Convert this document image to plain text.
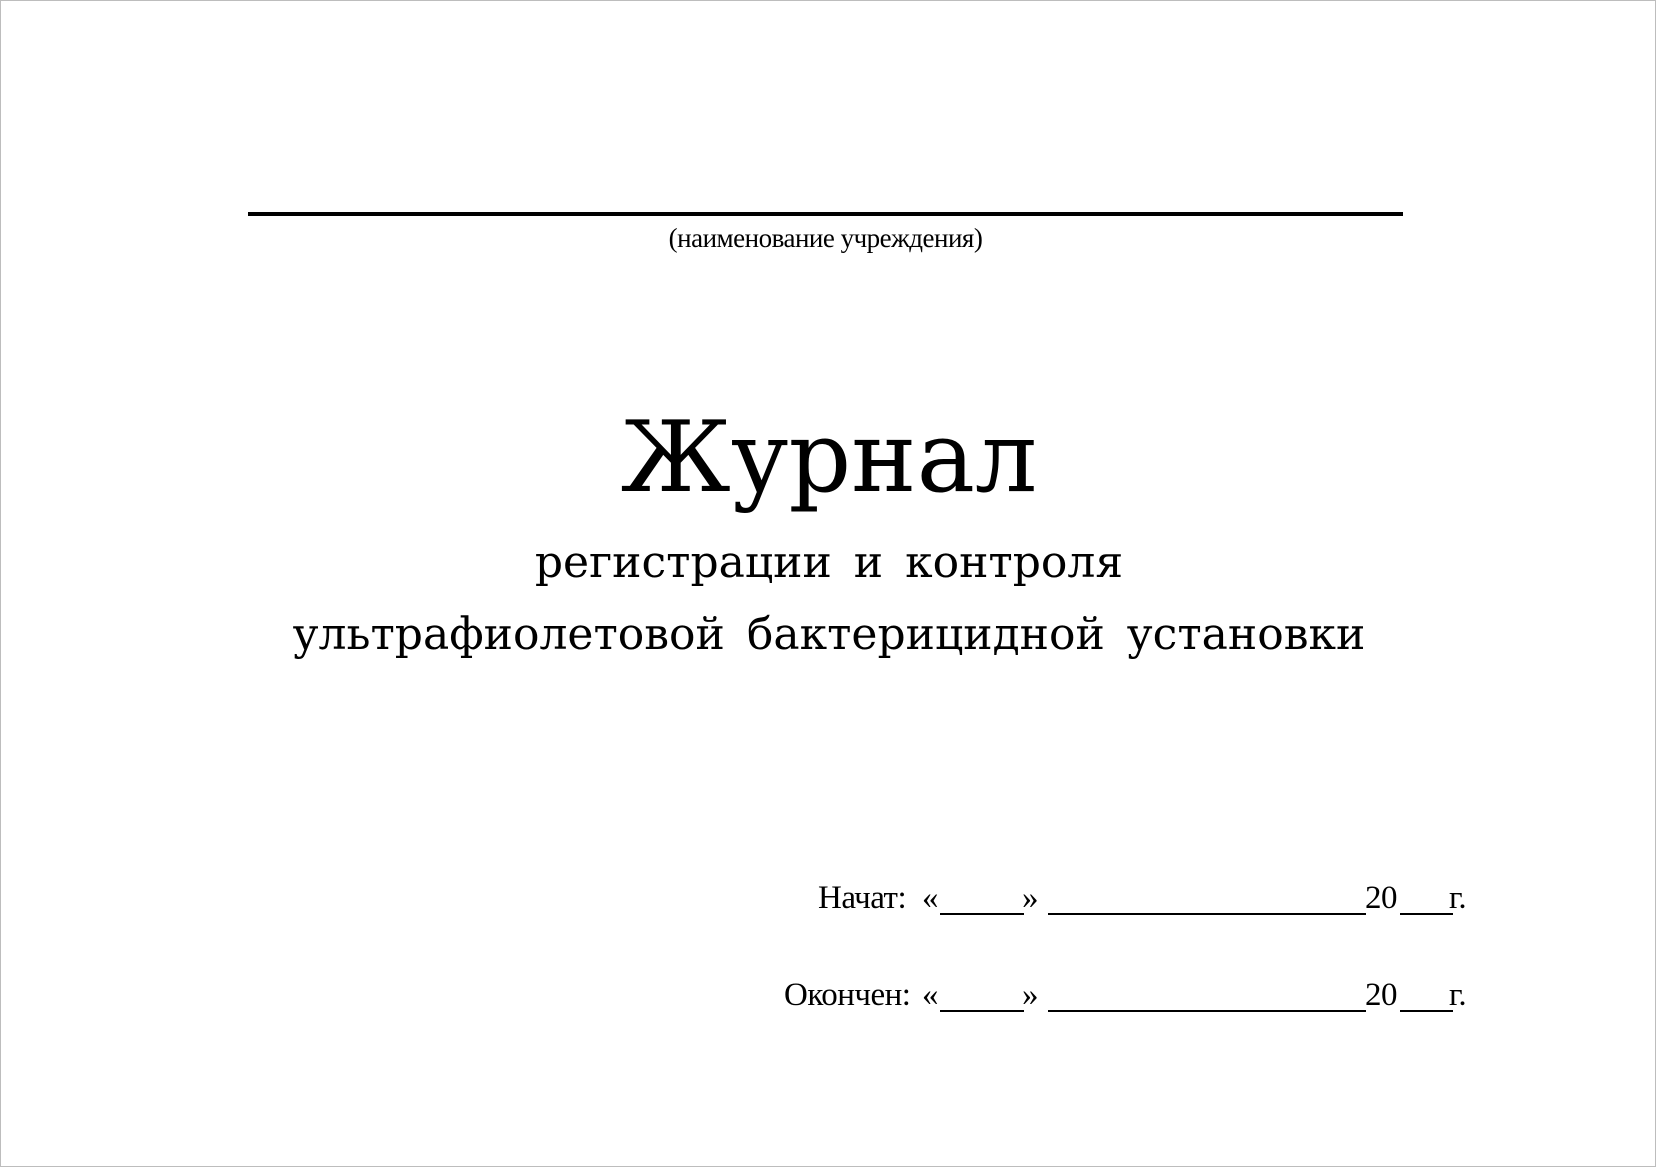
(наименование учреждения)
Журнал
регистрации и контроля
ультрафиолетовой бактерицидной установки
Начат: «	»	20 г.
Окончен: «	»	20 г.
